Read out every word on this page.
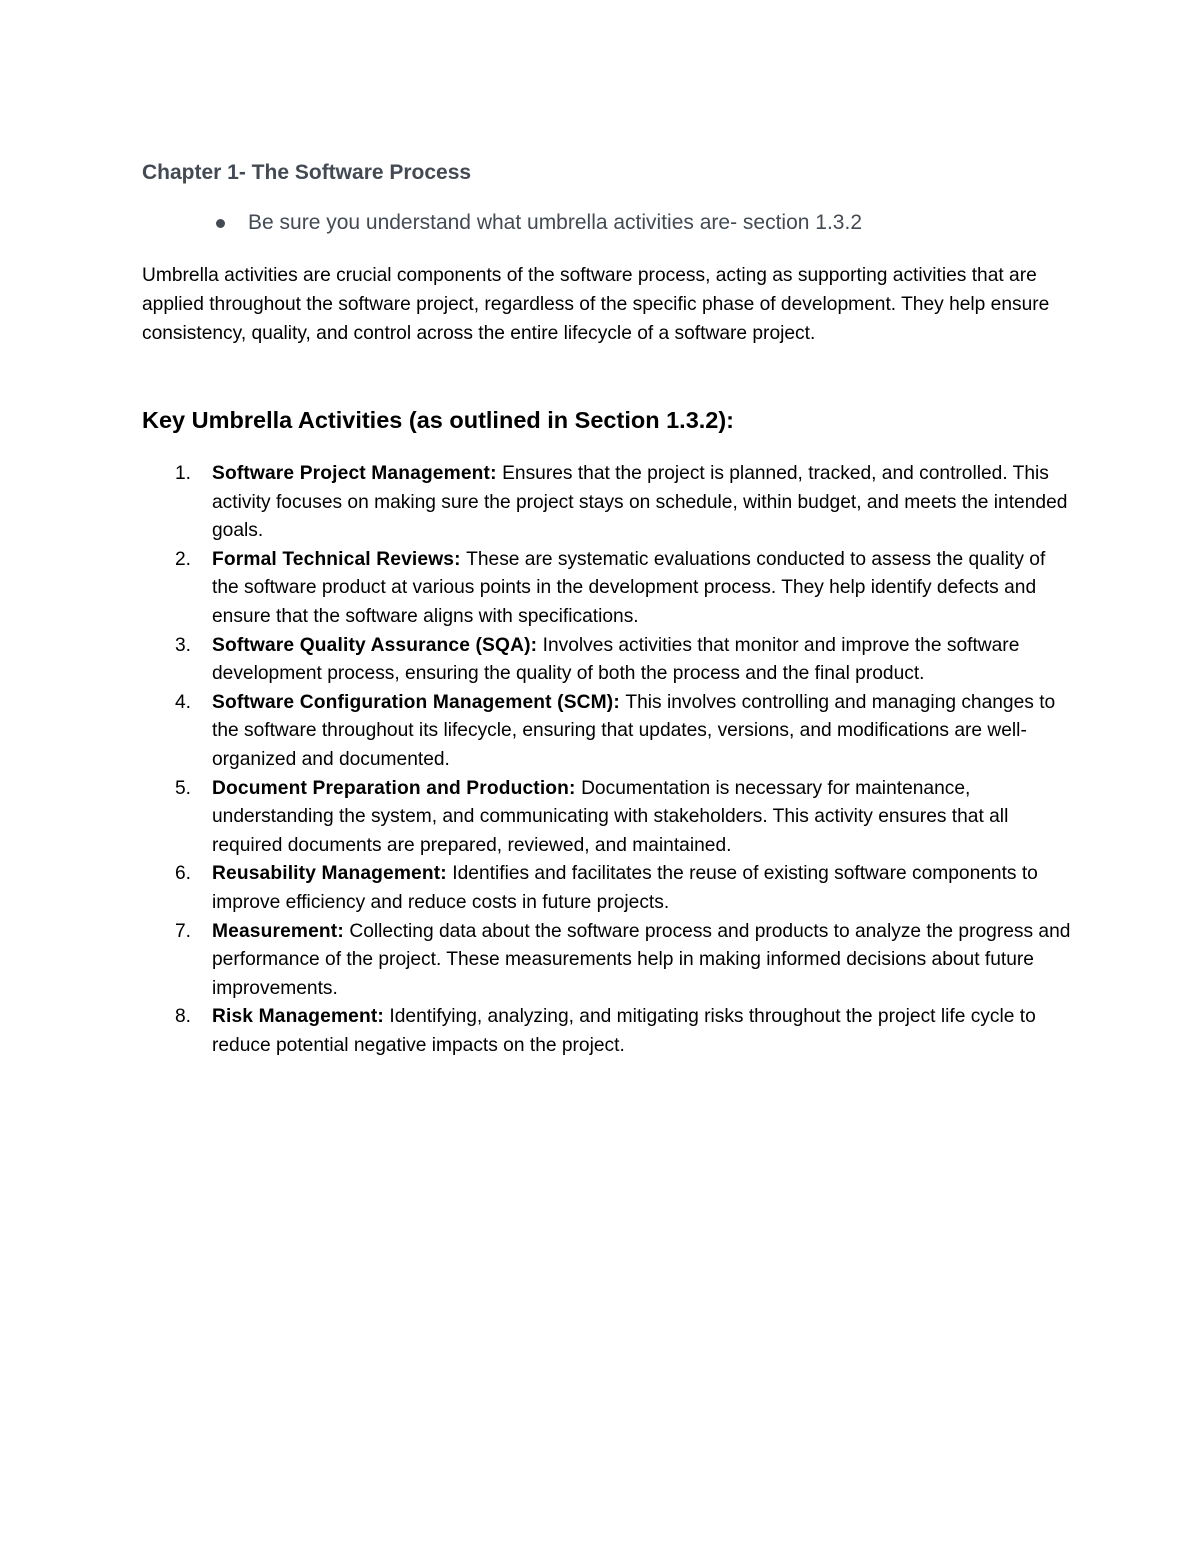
Chapter 1- The Software Process
Be sure you understand what umbrella activities are- section 1.3.2

Umbrella activities are crucial components of the software process, acting as supporting activities that are applied throughout the software project, regardless of the specific phase of development. They help ensure consistency, quality, and control across the entire lifecycle of a software project.

Key Umbrella Activities (as outlined in Section 1.3.2):
1. Software Project Management: Ensures that the project is planned, tracked, and controlled. This activity focuses on making sure the project stays on schedule, within budget, and meets the intended goals.
2. Formal Technical Reviews: These are systematic evaluations conducted to assess the quality of the software product at various points in the development process. They help identify defects and ensure that the software aligns with specifications.
3. Software Quality Assurance (SQA): Involves activities that monitor and improve the software development process, ensuring the quality of both the process and the final product.
4. Software Configuration Management (SCM): This involves controlling and managing changes to the software throughout its lifecycle, ensuring that updates, versions, and modifications are well-organized and documented.
5. Document Preparation and Production: Documentation is necessary for maintenance, understanding the system, and communicating with stakeholders. This activity ensures that all required documents are prepared, reviewed, and maintained.
6. Reusability Management: Identifies and facilitates the reuse of existing software components to improve efficiency and reduce costs in future projects.
7. Measurement: Collecting data about the software process and products to analyze the progress and performance of the project. These measurements help in making informed decisions about future improvements.
8. Risk Management: Identifying, analyzing, and mitigating risks throughout the project life cycle to reduce potential negative impacts on the project.
